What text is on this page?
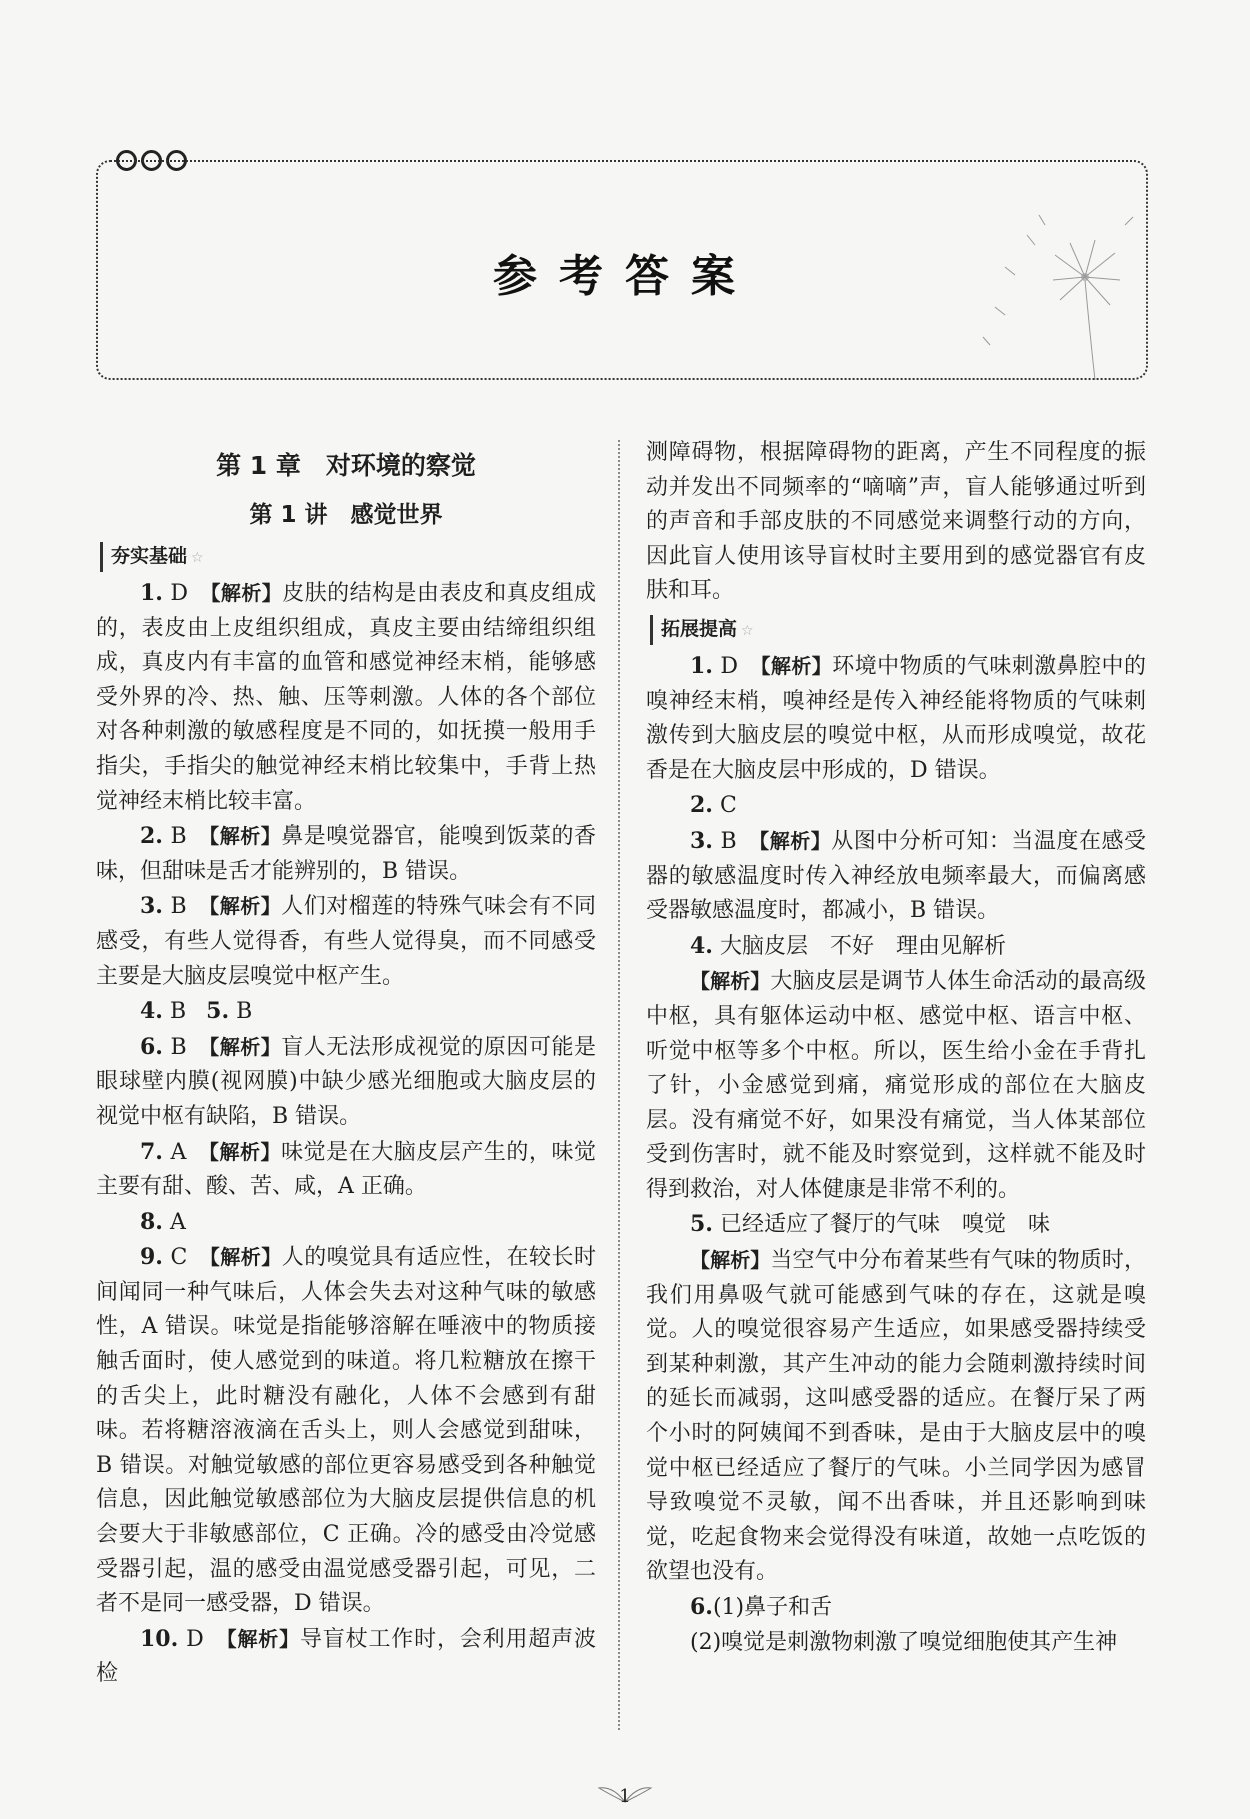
参考答案
第 1 章　对环境的察觉
第 1 讲　感觉世界
夯实基础 ☆

1. D 【解析】皮肤的结构是由表皮和真皮组成的，表皮由上皮组织组成，真皮主要由结缔组织组成，真皮内有丰富的血管和感觉神经末梢，能够感受外界的冷、热、触、压等刺激。人体的各个部位对各种刺激的敏感程度是不同的，如抚摸一般用手指尖，手指尖的触觉神经末梢比较集中，手背上热觉神经末梢比较丰富。

2. B 【解析】鼻是嗅觉器官，能嗅到饭菜的香味，但甜味是舌才能辨别的，B 错误。

3. B 【解析】人们对榴莲的特殊气味会有不同感受，有些人觉得香，有些人觉得臭，而不同感受主要是大脑皮层嗅觉中枢产生。

4. B 5. B

6. B 【解析】盲人无法形成视觉的原因可能是眼球壁内膜(视网膜)中缺少感光细胞或大脑皮层的视觉中枢有缺陷，B 错误。

7. A 【解析】味觉是在大脑皮层产生的，味觉主要有甜、酸、苦、咸，A 正确。

8. A

9. C 【解析】人的嗅觉具有适应性，在较长时间闻同一种气味后，人体会失去对这种气味的敏感性，A 错误。味觉是指能够溶解在唾液中的物质接触舌面时，使人感觉到的味道。将几粒糖放在擦干的舌尖上，此时糖没有融化，人体不会感到有甜味。若将糖溶液滴在舌头上，则人会感觉到甜味，B 错误。对触觉敏感的部位更容易感受到各种触觉信息，因此触觉敏感部位为大脑皮层提供信息的机会要大于非敏感部位，C 正确。冷的感受由冷觉感受器引起，温的感受由温觉感受器引起，可见，二者不是同一感受器，D 错误。

10. D 【解析】导盲杖工作时，会利用超声波检

测障碍物，根据障碍物的距离，产生不同程度的振动并发出不同频率的“嘀嘀”声，盲人能够通过听到的声音和手部皮肤的不同感觉来调整行动的方向，因此盲人使用该导盲杖时主要用到的感觉器官有皮肤和耳。

拓展提高 ☆

1. D 【解析】环境中物质的气味刺激鼻腔中的嗅神经末梢，嗅神经是传入神经能将物质的气味刺激传到大脑皮层的嗅觉中枢，从而形成嗅觉，故花香是在大脑皮层中形成的，D 错误。

2. C

3. B 【解析】从图中分析可知：当温度在感受器的敏感温度时传入神经放电频率最大，而偏离感受器敏感温度时，都减小，B 错误。

4. 大脑皮层　不好　理由见解析

【解析】大脑皮层是调节人体生命活动的最高级中枢，具有躯体运动中枢、感觉中枢、语言中枢、听觉中枢等多个中枢。所以，医生给小金在手背扎了针，小金感觉到痛，痛觉形成的部位在大脑皮层。没有痛觉不好，如果没有痛觉，当人体某部位受到伤害时，就不能及时察觉到，这样就不能及时得到救治，对人体健康是非常不利的。

5. 已经适应了餐厅的气味　嗅觉　味

【解析】当空气中分布着某些有气味的物质时，我们用鼻吸气就可能感到气味的存在，这就是嗅觉。人的嗅觉很容易产生适应，如果感受器持续受到某种刺激，其产生冲动的能力会随刺激持续时间的延长而减弱，这叫感受器的适应。在餐厅呆了两个小时的阿姨闻不到香味，是由于大脑皮层中的嗅觉中枢已经适应了餐厅的气味。小兰同学因为感冒导致嗅觉不灵敏，闻不出香味，并且还影响到味觉，吃起食物来会觉得没有味道，故她一点吃饭的欲望也没有。

6.(1)鼻子和舌

(2)嗅觉是刺激物刺激了嗅觉细胞使其产生神

1
